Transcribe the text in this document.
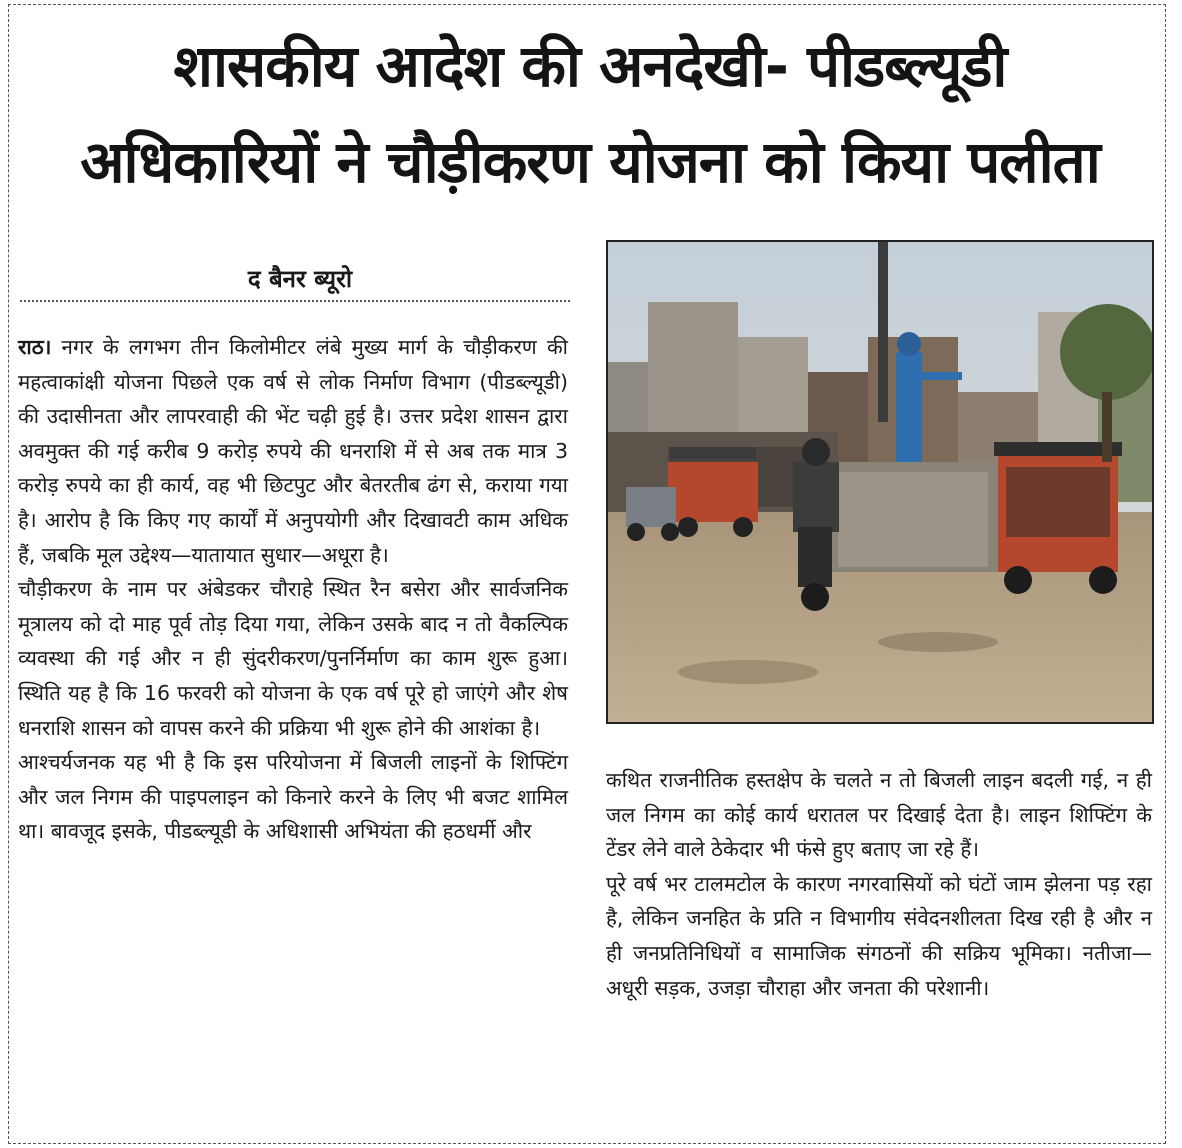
शासकीय आदेश की अनदेखी- पीडब्ल्यूडी
अधिकारियों ने चौड़ीकरण योजना को किया पलीता
द बैनर ब्यूरो

राठ। नगर के लगभग तीन किलोमीटर लंबे मुख्य मार्ग के चौड़ीकरण की महत्वाकांक्षी योजना पिछले एक वर्ष से लोक निर्माण विभाग (पीडब्ल्यूडी) की उदासीनता और लापरवाही की भेंट चढ़ी हुई है। उत्तर प्रदेश शासन द्वारा अवमुक्त की गई करीब 9 करोड़ रुपये की धनराशि में से अब तक मात्र 3 करोड़ रुपये का ही कार्य, वह भी छिटपुट और बेतरतीब ढंग से, कराया गया है। आरोप है कि किए गए कार्यों में अनुपयोगी और दिखावटी काम अधिक हैं, जबकि मूल उद्देश्य—यातायात सुधार—अधूरा है।

चौड़ीकरण के नाम पर अंबेडकर चौराहे स्थित रैन बसेरा और सार्वजनिक मूत्रालय को दो माह पूर्व तोड़ दिया गया, लेकिन उसके बाद न तो वैकल्पिक व्यवस्था की गई और न ही सुंदरीकरण/पुनर्निर्माण का काम शुरू हुआ। स्थिति यह है कि 16 फरवरी को योजना के एक वर्ष पूरे हो जाएंगे और शेष धनराशि शासन को वापस करने की प्रक्रिया भी शुरू होने की आशंका है।

आश्चर्यजनक यह भी है कि इस परियोजना में बिजली लाइनों के शिफ्टिंग और जल निगम की पाइपलाइन को किनारे करने के लिए भी बजट शामिल था। बावजूद इसके, पीडब्ल्यूडी के अधिशासी अभियंता की हठधर्मी और

कथित राजनीतिक हस्तक्षेप के चलते न तो बिजली लाइन बदली गई, न ही जल निगम का कोई कार्य धरातल पर दिखाई देता है। लाइन शिफ्टिंग के टेंडर लेने वाले ठेकेदार भी फंसे हुए बताए जा रहे हैं।

पूरे वर्ष भर टालमटोल के कारण नगरवासियों को घंटों जाम झेलना पड़ रहा है, लेकिन जनहित के प्रति न विभागीय संवेदनशीलता दिख रही है और न ही जनप्रतिनिधियों व सामाजिक संगठनों की सक्रिय भूमिका। नतीजा—अधूरी सड़क, उजड़ा चौराहा और जनता की परेशानी।
